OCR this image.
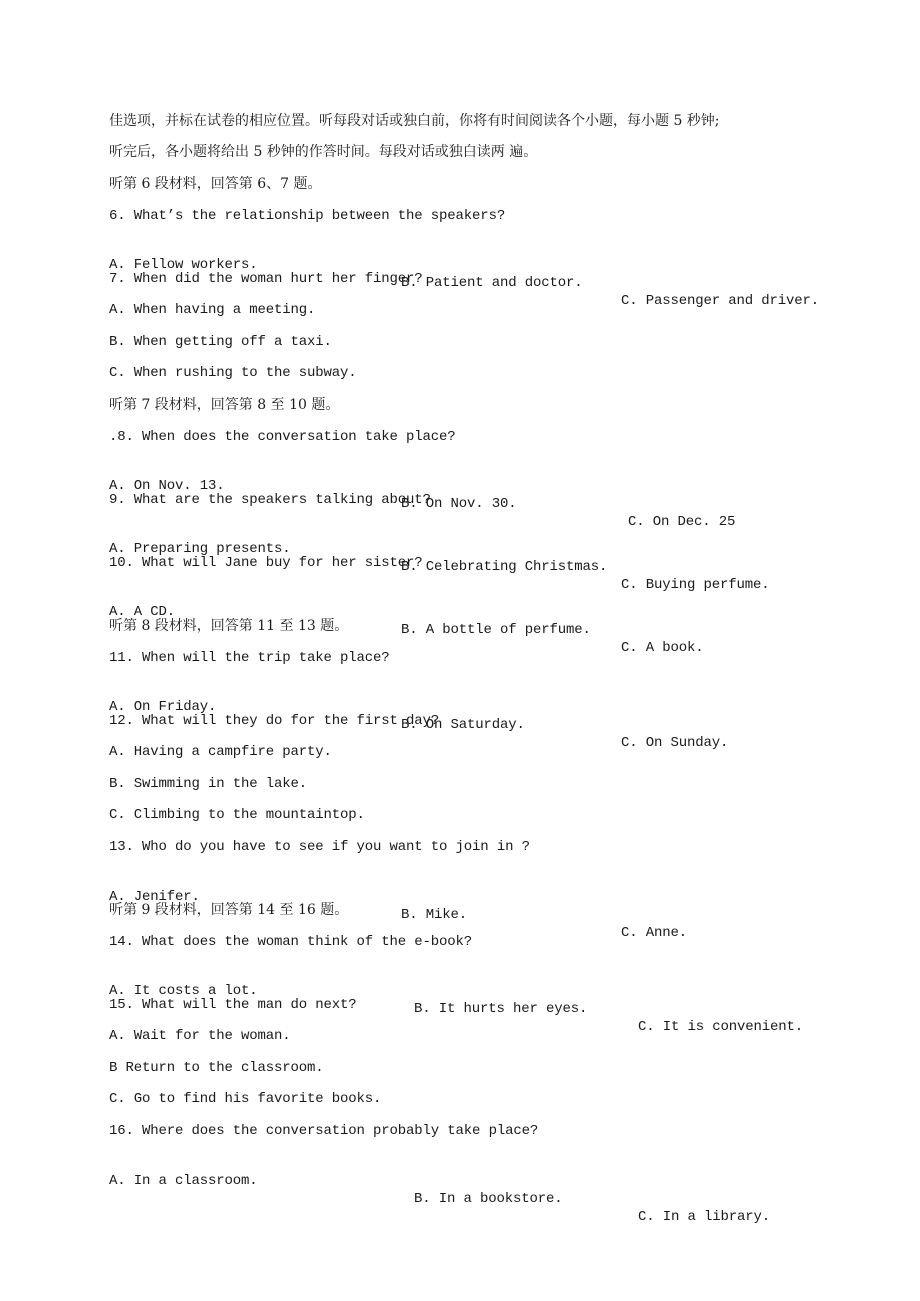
佳选项，并标在试卷的相应位置。听每段对话或独白前，你将有时间阅读各个小题，每小题 5 秒钟;
听完后，各小题将给出 5 秒钟的作答时间。每段对话或独白读两 遍。
听第 6 段材料，回答第 6、7 题。
6. What’s the relationship between the speakers?

A. Fellow workers.

B. Patient and doctor.

C. Passenger and driver.

7. When did the woman hurt her finger?
A. When having a meeting.
B. When getting off a taxi.
C. When rushing to the subway.
听第 7 段材料，回答第 8 至 10 题。
.8. When does the conversation take place?

A. On Nov. 13.

B. On Nov. 30.

C. On Dec. 25

9. What are the speakers talking about?

A. Preparing presents.

B. Celebrating Christmas.

C. Buying perfume.

10. What will Jane buy for her sister?

A. A CD.

B. A bottle of perfume.

C. A book.

听第 8 段材料，回答第 11 至 13 题。
11. When will the trip take place?

A. On Friday.

B. On Saturday.

C. On Sunday.

12. What will they do for the first day?
A. Having a campfire party.
B. Swimming in the lake.
C. Climbing to the mountaintop.
13. Who do you have to see if you want to join in ?

A. Jenifer.

B. Mike.

C. Anne.

听第 9 段材料，回答第 14 至 16 题。
14. What does the woman think of the e-book?

A. It costs a lot.

B. It hurts her eyes.

C. It is convenient.

15. What will the man do next?
A. Wait for the woman.
B Return to the classroom.
C. Go to find his favorite books.
16. Where does the conversation probably take place?

A. In a classroom.

B. In a bookstore.

C. In a library.
